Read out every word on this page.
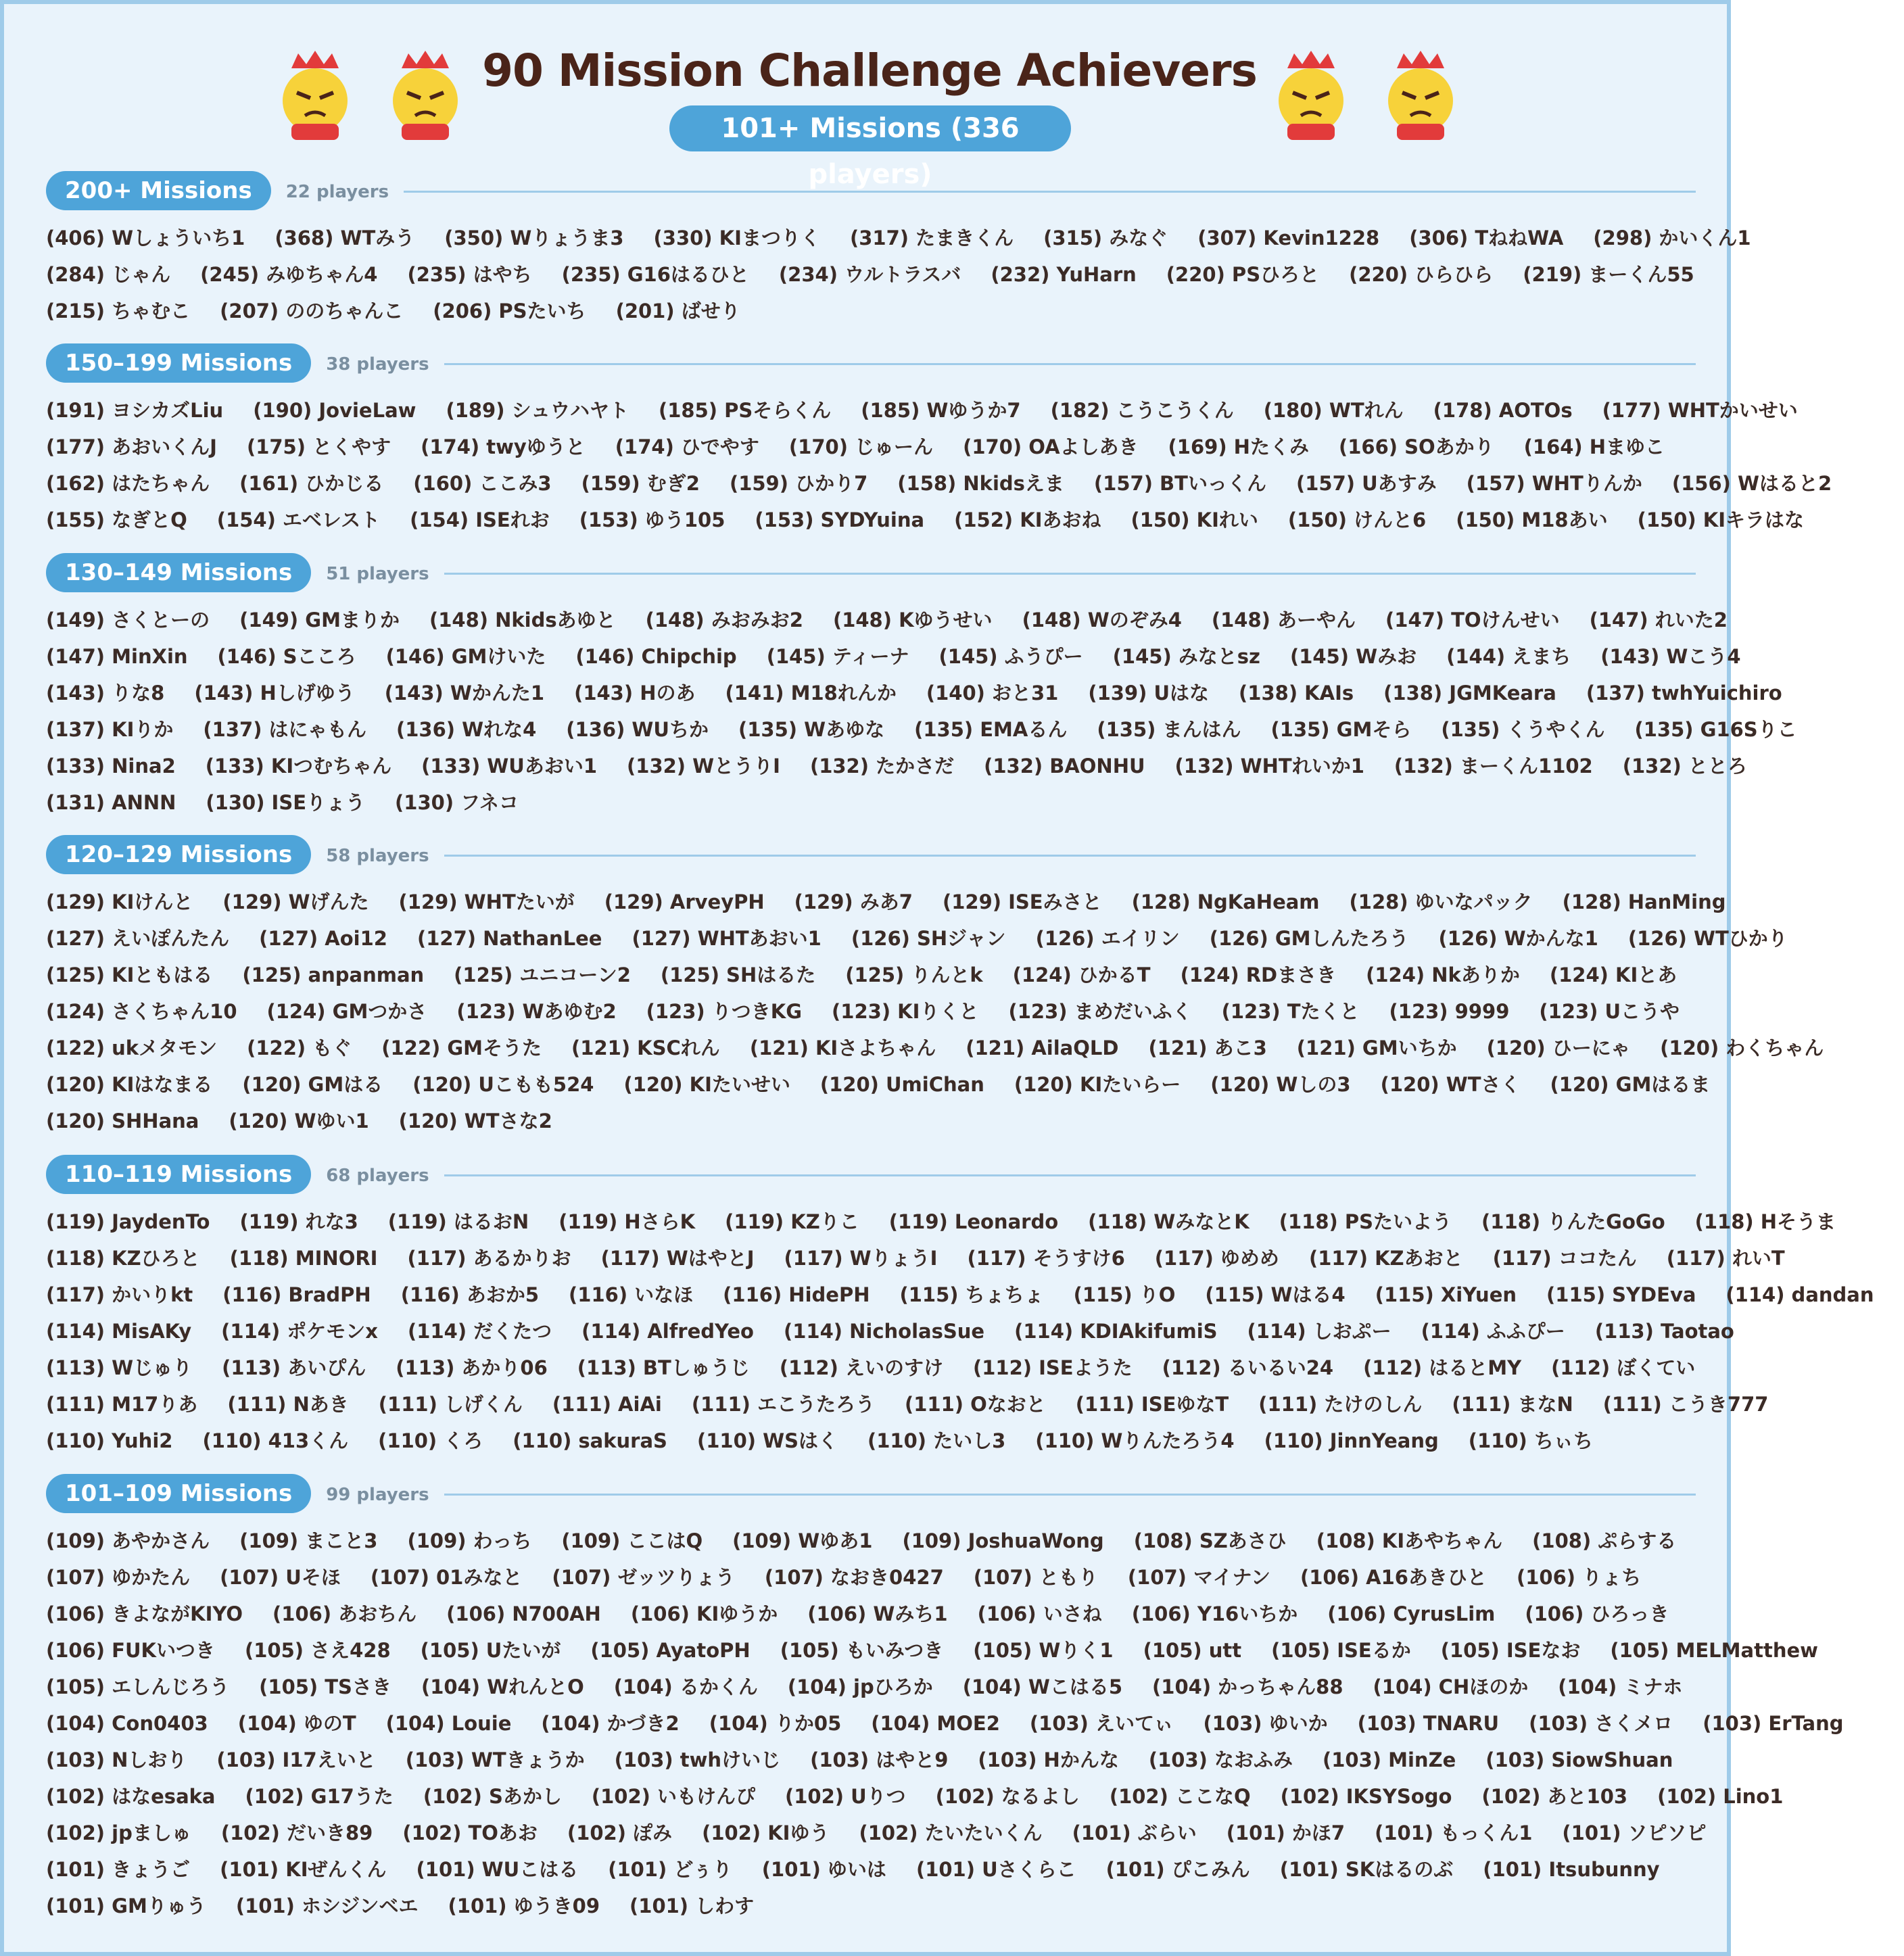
90 Mission Challenge Achievers
101+ Missions (336 players)
200+ Missions	22 players
(406) Wしょういち1 (368) WTみう (350) Wりょうま3 (330) KIまつりく (317) たまきくん (315) みなぐ (307) Kevin1228 (306) TねねWA (298) かいくん1
(284) じゃん (245) みゆちゃん4 (235) はやち (235) G16はるひと (234) ウルトラスバ (232) YuHarn (220) PSひろと (220) ひらひら (219) まーくん55
(215) ちゃむこ (207) ののちゃんこ (206) PSたいち (201) ばせり
150–199 Missions	38 players
(191) ヨシカズLiu (190) JovieLaw (189) シュウハヤト (185) PSそらくん (185) Wゆうか7 (182) こうこうくん (180) WTれん (178) AOTOs (177) WHTかいせい
(177) あおいくんJ (175) とくやす (174) twyゆうと (174) ひでやす (170) じゅーん (170) OAよしあき (169) Hたくみ (166) SOあかり (164) Hまゆこ
(162) はたちゃん (161) ひかじる (160) ここみ3 (159) むぎ2 (159) ひかり7 (158) Nkidsえま (157) BTいっくん (157) Uあすみ (157) WHTりんか (156) Wはると2
(155) なぎとQ (154) エベレスト (154) ISEれお (153) ゆう105 (153) SYDYuina (152) KIあおね (150) KIれい (150) けんと6 (150) M18あい (150) KIキラはな
130–149 Missions	51 players
(149) さくとーの (149) GMまりか (148) Nkidsあゆと (148) みおみお2 (148) Kゆうせい (148) Wのぞみ4 (148) あーやん (147) TOけんせい (147) れいた2
(147) MinXin (146) Sこころ (146) GMけいた (146) Chipchip (145) ティーナ (145) ふうぴー (145) みなとsz (145) Wみお (144) えまち (143) Wこう4
(143) りな8 (143) Hしげゆう (143) Wかんた1 (143) Hのあ (141) M18れんか (140) おと31 (139) Uはな (138) KAIs (138) JGMKeara (137) twhYuichiro
(137) KIりか (137) はにゃもん (136) Wれな4 (136) WUちか (135) Wあゆな (135) EMAるん (135) まんはん (135) GMそら (135) くうやくん (135) G16Sりこ
(133) Nina2 (133) KIつむちゃん (133) WUあおい1 (132) WとうりI (132) たかさだ (132) BAONHU (132) WHTれいか1 (132) まーくん1102 (132) ととろ
(131) ANNN (130) ISEりょう (130) フネコ
120–129 Missions	58 players
(129) KIけんと (129) Wげんた (129) WHTたいが (129) ArveyPH (129) みあ7 (129) ISEみさと (128) NgKaHeam (128) ゆいなパック (128) HanMing
(127) えいぽんたん (127) Aoi12 (127) NathanLee (127) WHTあおい1 (126) SHジャン (126) エイリン (126) GMしんたろう (126) Wかんな1 (126) WTひかり
(125) KIともはる (125) anpanman (125) ユニコーン2 (125) SHはるた (125) りんとk (124) ひかるT (124) RDまさき (124) Nkありか (124) KIとあ
(124) さくちゃん10 (124) GMつかさ (123) Wあゆむ2 (123) りつきKG (123) KIりくと (123) まめだいふく (123) Tたくと (123) 9999 (123) Uこうや
(122) ukメタモン (122) もぐ (122) GMそうた (121) KSCれん (121) KIさよちゃん (121) AilaQLD (121) あこ3 (121) GMいちか (120) ひーにゃ (120) わくちゃん
(120) KIはなまる (120) GMはる (120) Uこもも524 (120) KIたいせい (120) UmiChan (120) KIたいらー (120) Wしの3 (120) WTさく (120) GMはるま
(120) SHHana (120) Wゆい1 (120) WTさな2
110–119 Missions	68 players
(119) JaydenTo (119) れな3 (119) はるおN (119) HさらK (119) KZりこ (119) Leonardo (118) WみなとK (118) PSたいよう (118) りんたGoGo (118) Hそうま
(118) KZひろと (118) MINORI (117) あるかりお (117) WはやとJ (117) WりょうI (117) そうすけ6 (117) ゆめめ (117) KZあおと (117) ココたん (117) れいT
(117) かいりkt (116) BradPH (116) あおか5 (116) いなほ (116) HidePH (115) ちょちょ (115) りO (115) Wはる4 (115) XiYuen (115) SYDEva (114) dandan
(114) MisAKy (114) ポケモンx (114) だくたつ (114) AlfredYeo (114) NicholasSue (114) KDIAkifumiS (114) しおぷー (114) ふふぴー (113) Taotao
(113) Wじゅり (113) あいぴん (113) あかり06 (113) BTしゅうじ (112) えいのすけ (112) ISEようた (112) るいるい24 (112) はるとMY (112) ぼくてい
(111) M17りあ (111) Nあき (111) しげくん (111) AiAi (111) エこうたろう (111) Oなおと (111) ISEゆなT (111) たけのしん (111) まなN (111) こうき777
(110) Yuhi2 (110) 413くん (110) くろ (110) sakuraS (110) WSはく (110) たいし3 (110) Wりんたろう4 (110) JinnYeang (110) ちぃち
101–109 Missions	99 players
(109) あやかさん (109) まこと3 (109) わっち (109) ここはQ (109) Wゆあ1 (109) JoshuaWong (108) SZあさひ (108) KIあやちゃん (108) ぷらする
(107) ゆかたん (107) Uそほ (107) 01みなと (107) ゼッツりょう (107) なおき0427 (107) ともり (107) マイナン (106) A16あきひと (106) りょち
(106) きよながKIYO (106) あおちん (106) N700AH (106) KIゆうか (106) Wみち1 (106) いさね (106) Y16いちか (106) CyrusLim (106) ひろっき
(106) FUKいつき (105) さえ428 (105) Uたいが (105) AyatoPH (105) もいみつき (105) Wりく1 (105) utt (105) ISEるか (105) ISEなお (105) MELMatthew
(105) エしんじろう (105) TSさき (104) WれんとO (104) るかくん (104) jpひろか (104) Wこはる5 (104) かっちゃん88 (104) CHほのか (104) ミナホ
(104) Con0403 (104) ゆのT (104) Louie (104) かづき2 (104) りか05 (104) MOE2 (103) えいてぃ (103) ゆいか (103) TNARU (103) さくメロ (103) ErTang
(103) Nしおり (103) I17えいと (103) WTきょうか (103) twhけいじ (103) はやと9 (103) Hかんな (103) なおふみ (103) MinZe (103) SiowShuan
(102) はなesaka (102) G17うた (102) Sあかし (102) いもけんぴ (102) Uりつ (102) なるよし (102) ここなQ (102) IKSYSogo (102) あと103 (102) Lino1
(102) jpましゅ (102) だいき89 (102) TOあお (102) ぽみ (102) KIゆう (102) たいたいくん (101) ぶらい (101) かほ7 (101) もっくん1 (101) ソピソピ
(101) きょうご (101) KIぜんくん (101) WUこはる (101) どぅり (101) ゆいは (101) Uさくらこ (101) ぴこみん (101) SKはるのぶ (101) Itsubunny
(101) GMりゅう (101) ホシジンベエ (101) ゆうき09 (101) しわす
